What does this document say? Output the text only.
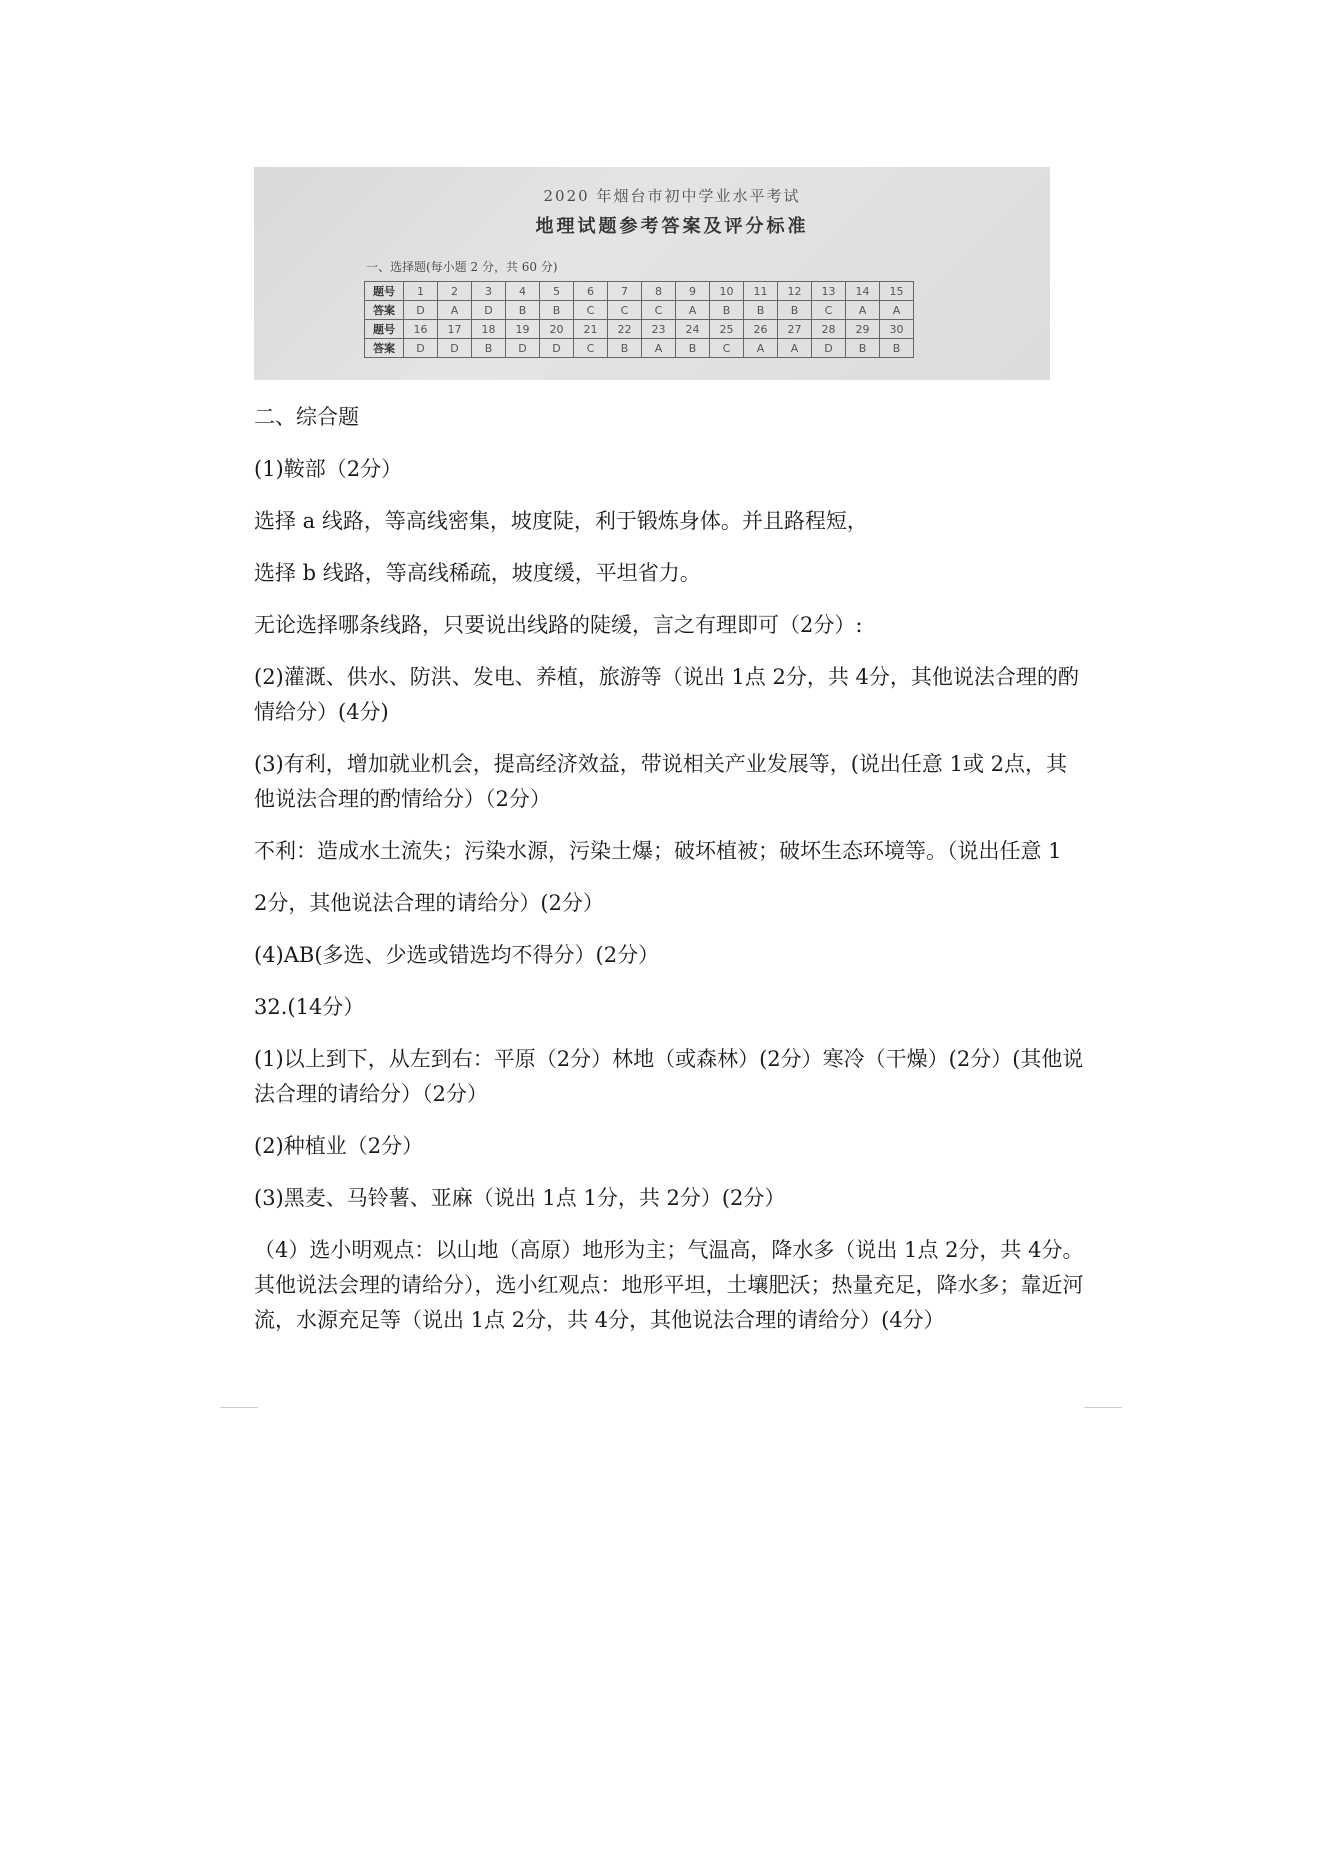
2020 年烟台市初中学业水平考试
地理试题参考答案及评分标准
一、选择题(每小题 2 分，共 60 分)
题号	1	2	3	4	5	6	7	8	9	10	11	12	13	14	15
答案	D	A	D	B	B	C	C	C	A	B	B	B	C	A	A
题号	16	17	18	19	20	21	22	23	24	25	26	27	28	29	30
答案	D	D	B	D	D	C	B	A	B	C	A	A	D	B	B

二、综合题

(1)鞍部（2分）

选择 a 线路，等高线密集，坡度陡，利于锻炼身体。并且路程短，

选择 b 线路，等高线稀疏，坡度缓，平坦省力。

无论选择哪条线路，只要说出线路的陡缓，言之有理即可（2分）:

(2)灌溉、供水、防洪、发电、养植，旅游等（说出 1点 2分，共 4分，其他说法合理的酌情给分）(4分)

(3)有利，增加就业机会，提高经济效益，带说相关产业发展等，(说出任意 1或 2点，其他说法合理的酌情给分）（2分）

不利：造成水土流失；污染水源，污染土爆；破坏植被；破坏生态环境等。（说出任意 1

2分，其他说法合理的请给分）(2分）

(4)AB(多选、少选或错选均不得分）(2分）

32.(14分）

(1)以上到下，从左到右：平原（2分）林地（或森林）(2分）寒冷（干燥）(2分）(其他说法合理的请给分）（2分）

(2)种植业（2分）

(3)黑麦、马铃薯、亚麻（说出 1点 1分，共 2分）(2分）

（4）选小明观点：以山地（高原）地形为主；气温高，降水多（说出 1点 2分，共 4分。其他说法会理的请给分），选小红观点：地形平坦，土壤肥沃；热量充足，降水多；靠近河流，水源充足等（说出 1点 2分，共 4分，其他说法合理的请给分）(4分）
